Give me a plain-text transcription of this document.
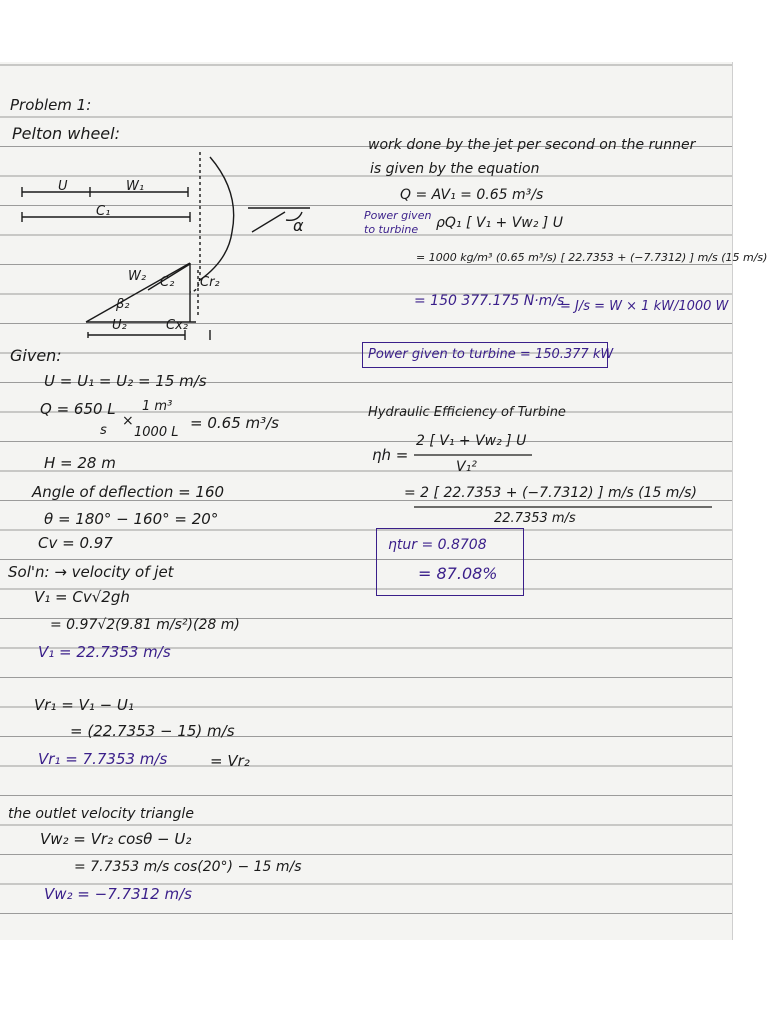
Problem 1:
Pelton wheel:
U	W₁
C₁
α
W₂ C₂ Cr₂
β₂
U₂	Cx₂
Given:
U = U₁ = U₂ = 15 m/s
Q = 650 L
s
×
1 m³
1000 L
= 0.65 m³/s
H = 28 m
Angle of deflection = 160
θ = 180° − 160° = 20°
Cv = 0.97
Sol'n: → velocity of jet
V₁ = Cv√2gh
= 0.97√2(9.81 m/s²)(28 m)
V₁ = 22.7353 m/s
Vr₁ = V₁ − U₁
= (22.7353 − 15) m/s
Vr₁ = 7.7353 m/s	= Vr₂
the outlet velocity triangle
Vw₂ = Vr₂ cosθ − U₂
= 7.7353 m/s cos(20°) − 15 m/s
Vw₂ = −7.7312 m/s
work done by the jet per second on the runner
is given by the equation
Q = AV₁ = 0.65 m³/s
Power given
to turbine ρQ₁ [ V₁ + Vw₂ ] U
= 1000 kg/m³ (0.65 m³/s) [ 22.7353 + (−7.7312) ] m/s (15 m/s)
= 150 377.175 N·m/s
= J/s = W × 1 kW/1000 W
Power given to turbine = 150.377 kW
Hydraulic Efficiency of Turbine
ηh =
2 [ V₁ + Vw₂ ] U
V₁²
= 2 [ 22.7353 + (−7.7312) ] m/s (15 m/s)
22.7353 m/s
ηtur = 0.8708
= 87.08%
